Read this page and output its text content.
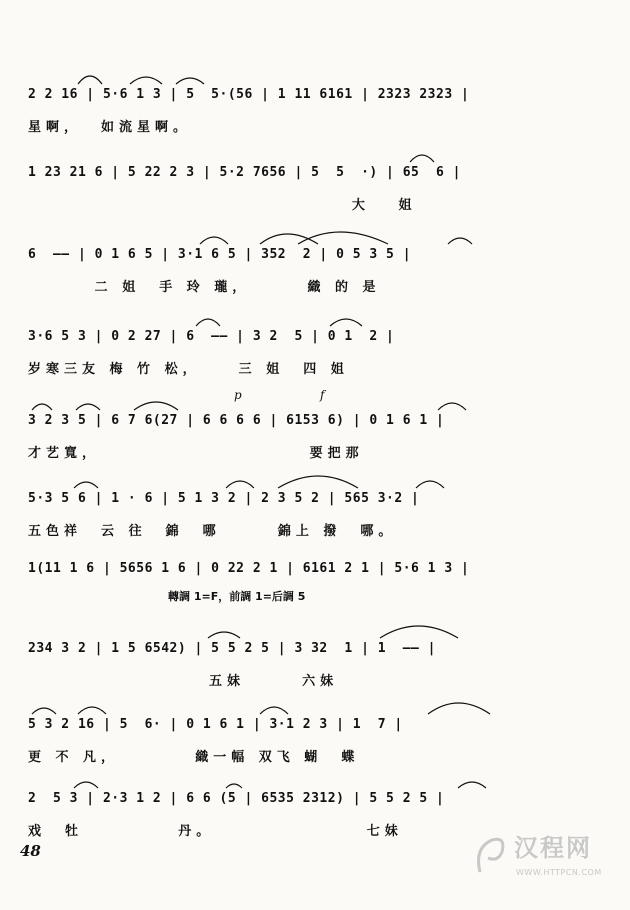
2 2 16 | 5·6 1 3 | 5  5·(56 | 1 11 6161 | 2323 2323 |
星啊，  如流星啊。
1 23 21 6 | 5 22 2 3 | 5·2 7656 | 5  5  ·) | 65  6 |
大   姐
6  —— | 0 1 6 5 | 3·1 6 5 | 352  2 | 0 5 3 5 |
二 姐  手 玲 瓏，      織 的 是
3·6 5 3 | 0 2 27 | 6  —— | 3 2  5 | 0 1  2 |
岁寒三友 梅 竹 松，    三 姐  四 姐
p	f
3 2 3 5 | 6 7 6(27 | 6 6 6 6 | 6153 6) | 0 1 6 1 |
才艺寬，                      要把那
5·3 5 6 | 1 · 6 | 5 1 3 2 | 2 3 5 2 | 565 3·2 |
五色祥  云 往  錦  哪      錦上 撥  哪。
1(11 1 6 | 5656 1 6 | 0 22 2 1 | 6161 2 1 | 5·6 1 3 |
轉調 1=F，前調 1=后調 5
234 3 2 | 1 5 6542) | 5 5 2 5 | 3 32  1 | 1  —— |
五妹      六妹
5 3 2 16 | 5  6· | 0 1 6 1 | 3·1 2 3 | 1  7 |
更 不 凡，        織一幅 双飞 蝴  蝶
2  5 3 | 2·3 1 2 | 6 6 (5 | 6535 2312) | 5 5 2 5 |
戏  牡          丹。                七妹
48	汉程网
WWW.HTTPCN.COM
